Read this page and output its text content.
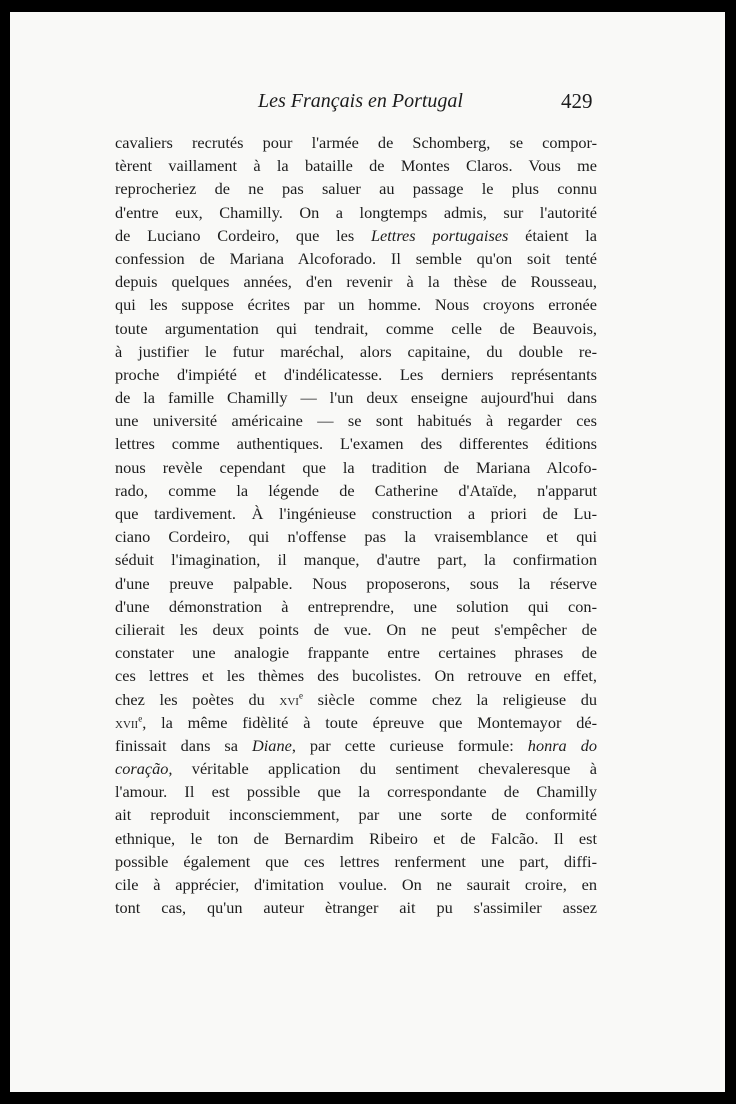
Les Français en Portugal	429
cavaliers recrutés pour l'armée de Schomberg, se compor-
tèrent vaillament à la bataille de Montes Claros. Vous me
reprocheriez de ne pas saluer au passage le plus connu
d'entre eux, Chamilly. On a longtemps admis, sur l'autorité
de Luciano Cordeiro, que les Lettres portugaises étaient la
confession de Mariana Alcoforado. Il semble qu'on soit tenté
depuis quelques années, d'en revenir à la thèse de Rousseau,
qui les suppose écrites par un homme. Nous croyons erronée
toute argumentation qui tendrait, comme celle de Beauvois,
à justifier le futur maréchal, alors capitaine, du double re-
proche d'impiété et d'indélicatesse. Les derniers représentants
de la famille Chamilly — l'un deux enseigne aujourd'hui dans
une université américaine — se sont habitués à regarder ces
lettres comme authentiques. L'examen des differentes éditions
nous revèle cependant que la tradition de Mariana Alcofo-
rado, comme la légende de Catherine d'Ataïde, n'apparut
que tardivement. À l'ingénieuse construction a priori de Lu-
ciano Cordeiro, qui n'offense pas la vraisemblance et qui
séduit l'imagination, il manque, d'autre part, la confirmation
d'une preuve palpable. Nous proposerons, sous la réserve
d'une démonstration à entreprendre, une solution qui con-
cilierait les deux points de vue. On ne peut s'empêcher de
constater une analogie frappante entre certaines phrases de
ces lettres et les thèmes des bucolistes. On retrouve en effet,
chez les poètes du xvi$^e$ siècle comme chez la religieuse du
xvii$^e$, la même fidèlité à toute épreuve que Montemayor dé-
finissait dans sa Diane, par cette curieuse formule: honra do
coração, véritable application du sentiment chevaleresque à
l'amour. Il est possible que la correspondante de Chamilly
ait reproduit inconsciemment, par une sorte de conformité
ethnique, le ton de Bernardim Ribeiro et de Falcão. Il est
possible également que ces lettres renferment une part, diffi-
cile à apprécier, d'imitation voulue. On ne saurait croire, en
tont cas, qu'un auteur ètranger ait pu s'assimiler assez
